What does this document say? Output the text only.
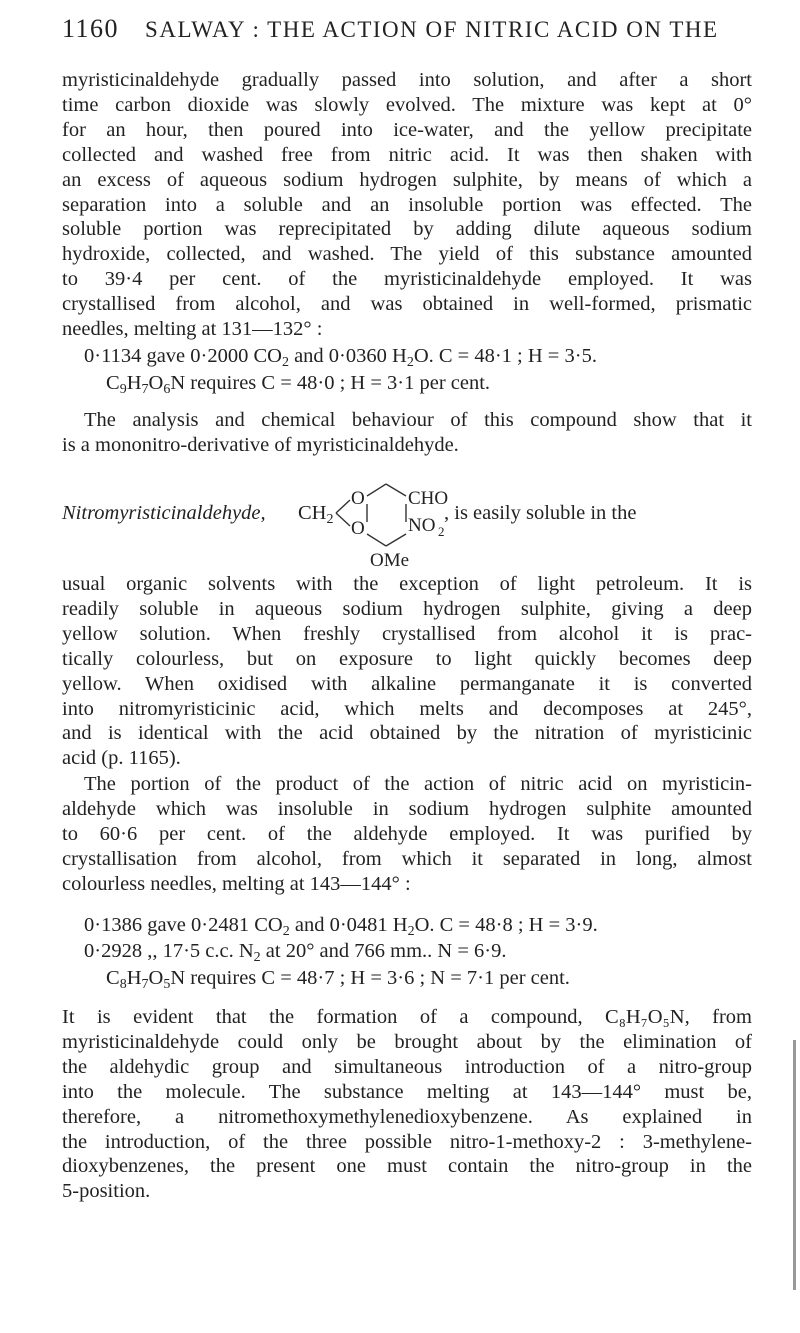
1160 SALWAY : THE ACTION OF NITRIC ACID ON THE
myristicinaldehyde gradually passed into solution, and after a short
time carbon dioxide was slowly evolved. The mixture was kept at 0°
for an hour, then poured into ice-water, and the yellow precipitate
collected and washed free from nitric acid. It was then shaken with
an excess of aqueous sodium hydrogen sulphite, by means of which a
separation into a soluble and an insoluble portion was effected. The
soluble portion was reprecipitated by adding dilute aqueous sodium
hydroxide, collected, and washed. The yield of this substance amounted
to 39·4 per cent. of the myristicinaldehyde employed. It was
crystallised from alcohol, and was obtained in well-formed, prismatic
needles, melting at 131—132° :
0·1134 gave 0·2000 $CO_2$ and 0·0360 $H_2O$. C = 48·1 ; H = 3·5.
$C_9H_7O_6N$ requires C = 48·0 ; H = 3·1 per cent.
The analysis and chemical behaviour of this compound show that it
is a mononitro-derivative of myristicinaldehyde.
Nitromyristicinaldehyde, $CH_2$
O
O
CHO
NO 2
OMe
, is easily soluble in the
usual organic solvents with the exception of light petroleum. It is
readily soluble in aqueous sodium hydrogen sulphite, giving a deep
yellow solution. When freshly crystallised from alcohol it is prac-
tically colourless, but on exposure to light quickly becomes deep
yellow. When oxidised with alkaline permanganate it is converted
into nitromyristicinic acid, which melts and decomposes at 245°,
and is identical with the acid obtained by the nitration of myristicinic
acid (p. 1165).
The portion of the product of the action of nitric acid on myristicin-
aldehyde which was insoluble in sodium hydrogen sulphite amounted
to 60·6 per cent. of the aldehyde employed. It was purified by
crystallisation from alcohol, from which it separated in long, almost
colourless needles, melting at 143—144° :
0·1386 gave 0·2481 $CO_2$ and 0·0481 $H_2O$. C = 48·8 ; H = 3·9.
0·2928 ,, 17·5 c.c. $N_2$ at 20° and 766 mm.. N = 6·9.
$C_8H_7O_5N$ requires C = 48·7 ; H = 3·6 ; N = 7·1 per cent.
It is evident that the formation of a compound, C₈H₇O₅N, from
myristicinaldehyde could only be brought about by the elimination of
the aldehydic group and simultaneous introduction of a nitro-group
into the molecule. The substance melting at 143—144° must be,
therefore, a nitromethoxymethylenedioxybenzene. As explained in
the introduction, of the three possible nitro-1-methoxy-2 : 3-methylene-
dioxybenzenes, the present one must contain the nitro-group in the
5-position.
